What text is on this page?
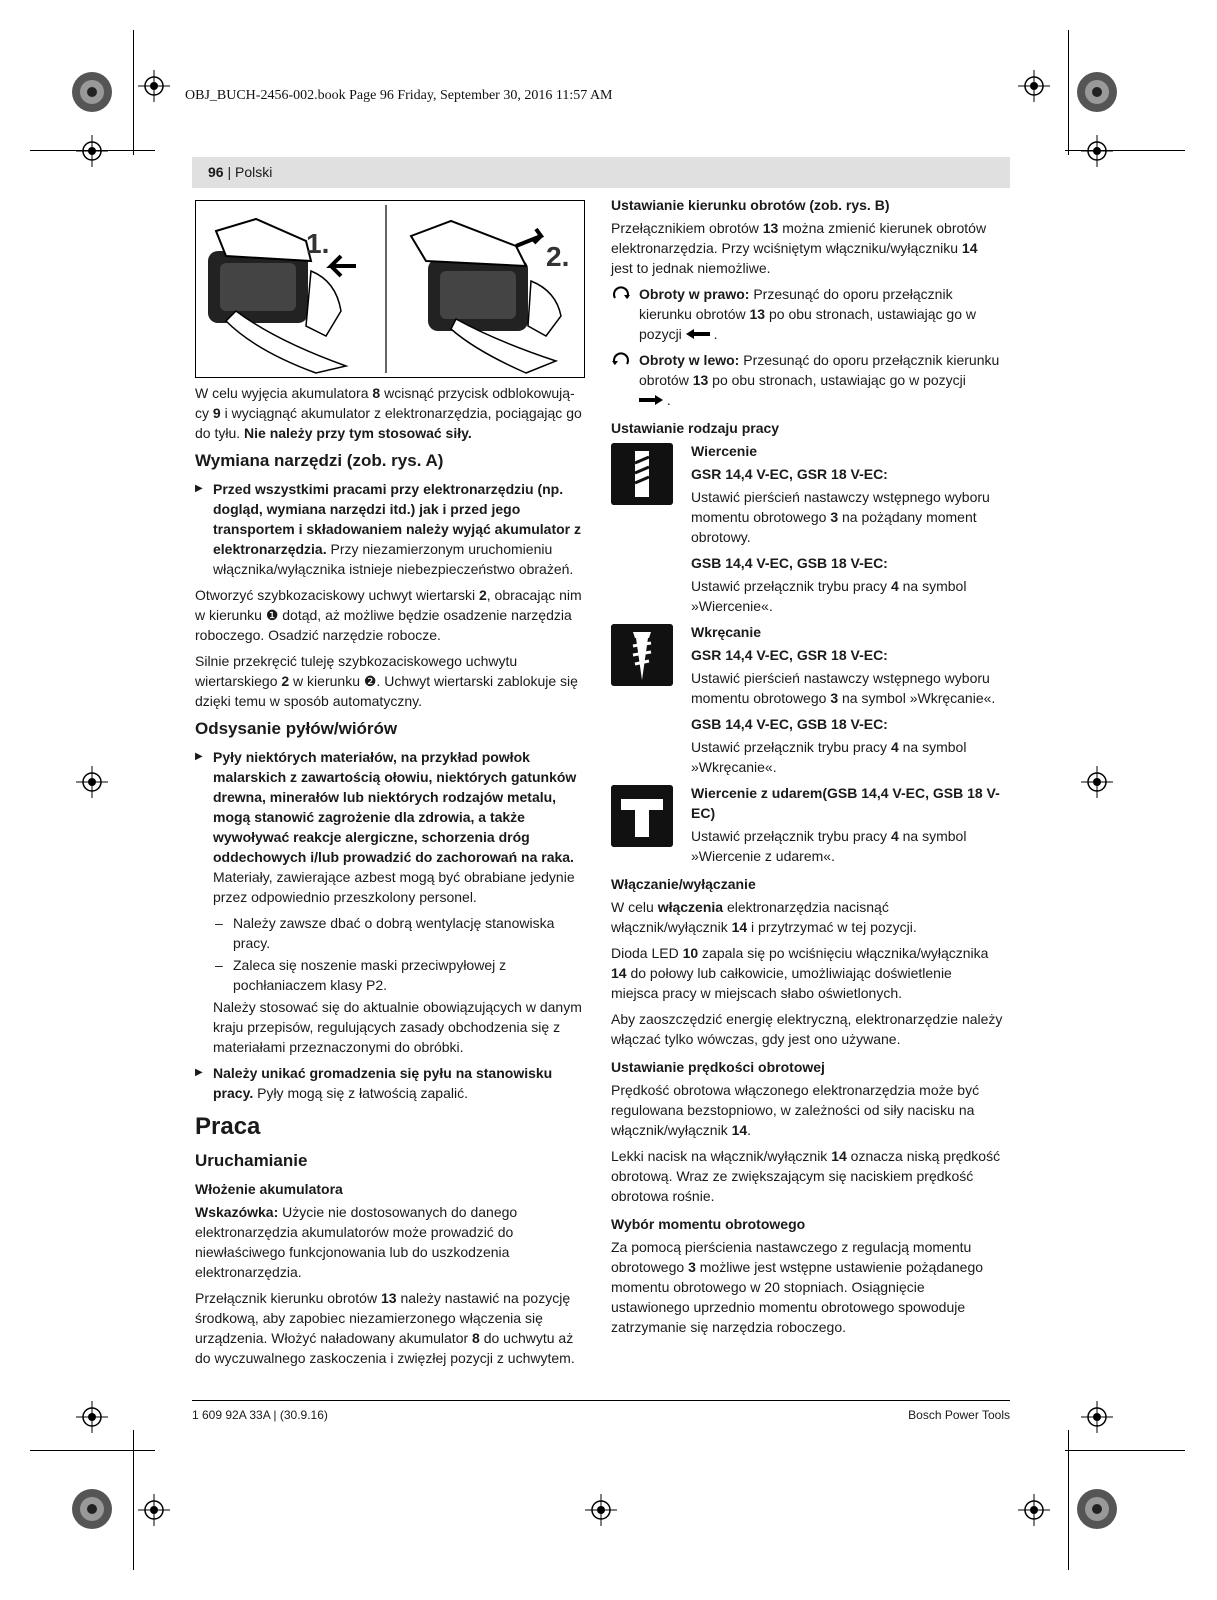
OBJ_BUCH-2456-002.book Page 96 Friday, September 30, 2016 11:57 AM
96 | Polski
1.	2.

W celu wyjęcia akumulatora 8 wcisnąć przycisk odblokowują-cy 9 i wyciągnąć akumulator z elektronarzędzia, pociągając go do tyłu. Nie należy przy tym stosować siły.

Wymiana narzędzi (zob. rys. A)
▶ Przed wszystkimi pracami przy elektronarzędziu (np. dogląd, wymiana narzędzi itd.) jak i przed jego transportem i składowaniem należy wyjąć akumulator z elektronarzędzia. Przy niezamierzonym uruchomieniu włącznika/wyłącznika istnieje niebezpieczeństwo obrażeń.

Otworzyć szybkozaciskowy uchwyt wiertarski 2, obracając nim w kierunku ❶ dotąd, aż możliwe będzie osadzenie narzędzia roboczego. Osadzić narzędzie robocze.

Silnie przekręcić tuleję szybkozaciskowego uchwytu wiertarskiego 2 w kierunku ❷. Uchwyt wiertarski zablokuje się dzięki temu w sposób automatyczny.

Odsysanie pyłów/wiórów
▶ Pyły niektórych materiałów, na przykład powłok malarskich z zawartością ołowiu, niektórych gatunków drewna, minerałów lub niektórych rodzajów metalu, mogą stanowić zagrożenie dla zdrowia, a także wywoływać reakcje alergiczne, schorzenia dróg oddechowych i/lub prowadzić do zachorowań na raka. Materiały, zawierające azbest mogą być obrabiane jedynie przez odpowiednio przeszkolony personel.
– Należy zawsze dbać o dobrą wentylację stanowiska pracy.
– Zaleca się noszenie maski przeciwpyłowej z pochłaniaczem klasy P2.
Należy stosować się do aktualnie obowiązujących w danym kraju przepisów, regulujących zasady obchodzenia się z materiałami przeznaczonymi do obróbki.
▶ Należy unikać gromadzenia się pyłu na stanowisku pracy. Pyły mogą się z łatwością zapalić.
Praca
Uruchamianie
Włożenie akumulatora

Wskazówka: Użycie nie dostosowanych do danego elektronarzędzia akumulatorów może prowadzić do niewłaściwego funkcjonowania lub do uszkodzenia elektronarzędzia.

Przełącznik kierunku obrotów 13 należy nastawić na pozycję środkową, aby zapobiec niezamierzonego włączenia się urządzenia. Włożyć naładowany akumulator 8 do uchwytu aż do wyczuwalnego zaskoczenia i zwięzłej pozycji z uchwytem.

Ustawianie kierunku obrotów (zob. rys. B)

Przełącznikiem obrotów 13 można zmienić kierunek obrotów elektronarzędzia. Przy wciśniętym włączniku/wyłączniku 14 jest to jednak niemożliwe.

Obroty w prawo: Przesunąć do oporu przełącznik kierunku obrotów 13 po obu stronach, ustawiając go w pozycji  .
Obroty w lewo: Przesunąć do oporu przełącznik kierunku obrotów 13 po obu stronach, ustawiając go w pozycji
.
Ustawianie rodzaju pracy
Wiercenie
GSR 14,4 V-EC, GSR 18 V-EC:

Ustawić pierścień nastawczy wstępnego wyboru momentu obrotowego 3 na pożądany moment obrotowy.

GSB 14,4 V-EC, GSB 18 V-EC:

Ustawić przełącznik trybu pracy 4 na symbol »Wiercenie«.

Wkręcanie
GSR 14,4 V-EC, GSR 18 V-EC:

Ustawić pierścień nastawczy wstępnego wyboru momentu obrotowego 3 na symbol »Wkręcanie«.

GSB 14,4 V-EC, GSB 18 V-EC:

Ustawić przełącznik trybu pracy 4 na symbol »Wkręcanie«.

Wiercenie z udarem(GSB 14,4 V-EC, GSB 18 V-EC)

Ustawić przełącznik trybu pracy 4 na symbol »Wiercenie z udarem«.

Włączanie/wyłączanie

W celu włączenia elektronarzędzia nacisnąć włącznik/wyłącznik 14 i przytrzymać w tej pozycji.

Dioda LED 10 zapala się po wciśnięciu włącznika/wyłącznika 14 do połowy lub całkowicie, umożliwiając doświetlenie miejsca pracy w miejscach słabo oświetlonych.

Aby zaoszczędzić energię elektryczną, elektronarzędzie należy włączać tylko wówczas, gdy jest ono używane.

Ustawianie prędkości obrotowej

Prędkość obrotowa włączonego elektronarzędzia może być regulowana bezstopniowo, w zależności od siły nacisku na włącznik/wyłącznik 14.

Lekki nacisk na włącznik/wyłącznik 14 oznacza niską prędkość obrotową. Wraz ze zwiększającym się naciskiem prędkość obrotowa rośnie.

Wybór momentu obrotowego

Za pomocą pierścienia nastawczego z regulacją momentu obrotowego 3 możliwe jest wstępne ustawienie pożądanego momentu obrotowego w 20 stopniach. Osiągnięcie ustawionego uprzednio momentu obrotowego spowoduje zatrzymanie się narzędzia roboczego.

1 609 92A 33A | (30.9.16)	Bosch Power Tools
